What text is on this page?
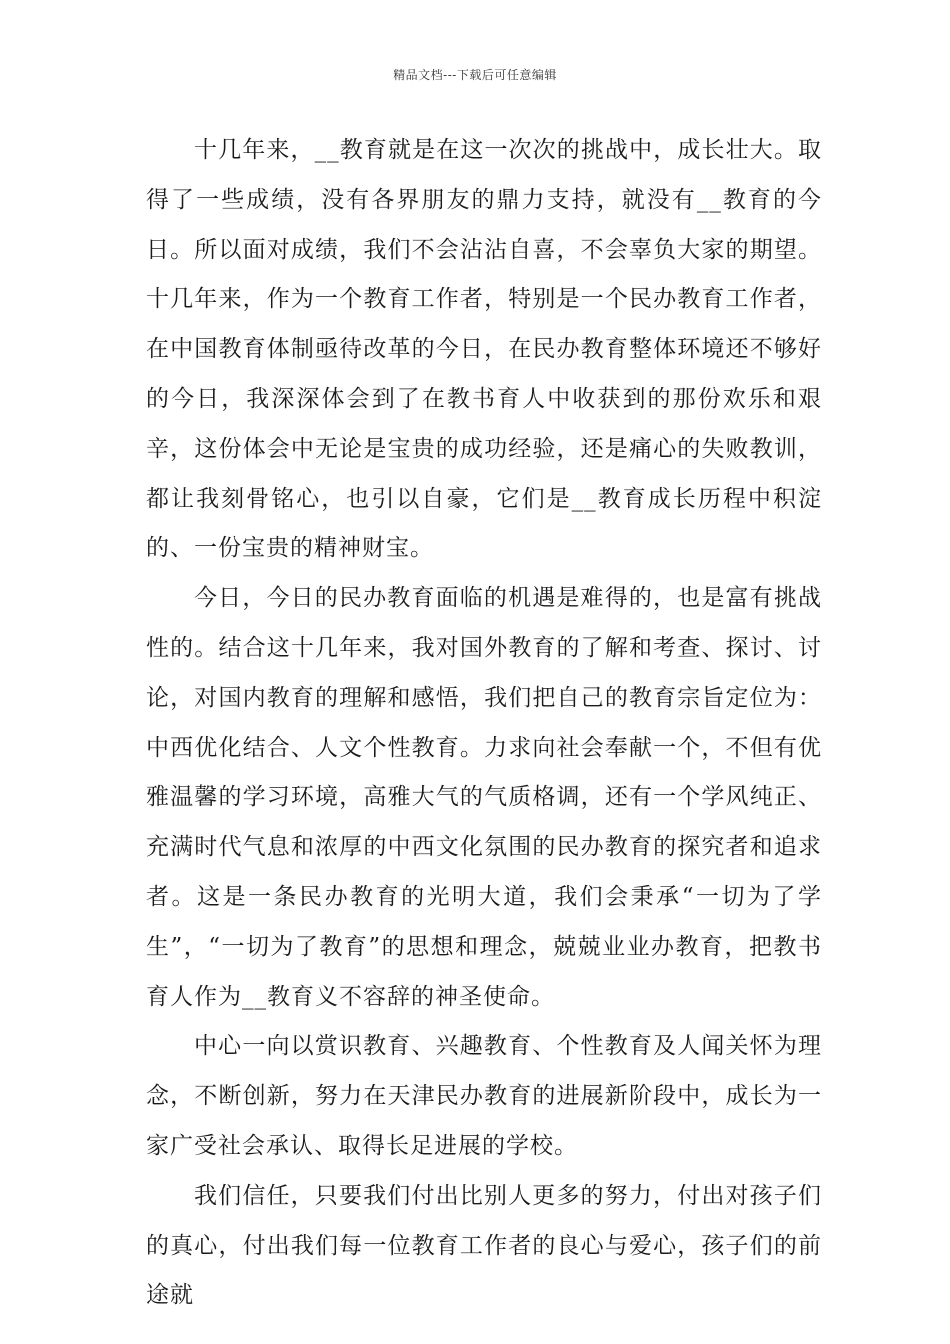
精品文档---下载后可任意编辑

十几年来，__教育就是在这一次次的挑战中，成长壮大。取得了一些成绩，没有各界朋友的鼎力支持，就没有__教育的今日。所以面对成绩，我们不会沾沾自喜，不会辜负大家的期望。十几年来，作为一个教育工作者，特别是一个民办教育工作者，在中国教育体制亟待改革的今日，在民办教育整体环境还不够好的今日，我深深体会到了在教书育人中收获到的那份欢乐和艰辛，这份体会中无论是宝贵的成功经验，还是痛心的失败教训，都让我刻骨铭心，也引以自豪，它们是__教育成长历程中积淀的、一份宝贵的精神财宝。

今日，今日的民办教育面临的机遇是难得的，也是富有挑战性的。结合这十几年来，我对国外教育的了解和考查、探讨、讨论，对国内教育的理解和感悟，我们把自己的教育宗旨定位为：中西优化结合、人文个性教育。力求向社会奉献一个，不但有优雅温馨的学习环境，高雅大气的气质格调，还有一个学风纯正、充满时代气息和浓厚的中西文化氛围的民办教育的探究者和追求者。这是一条民办教育的光明大道，我们会秉承“一切为了学生”，“一切为了教育”的思想和理念，兢兢业业办教育，把教书育人作为__教育义不容辞的神圣使命。

中心一向以赏识教育、兴趣教育、个性教育及人闻关怀为理念，不断创新，努力在天津民办教育的进展新阶段中，成长为一家广受社会承认、取得长足进展的学校。

我们信任，只要我们付出比别人更多的努力，付出对孩子们的真心，付出我们每一位教育工作者的良心与爱心，孩子们的前途就
